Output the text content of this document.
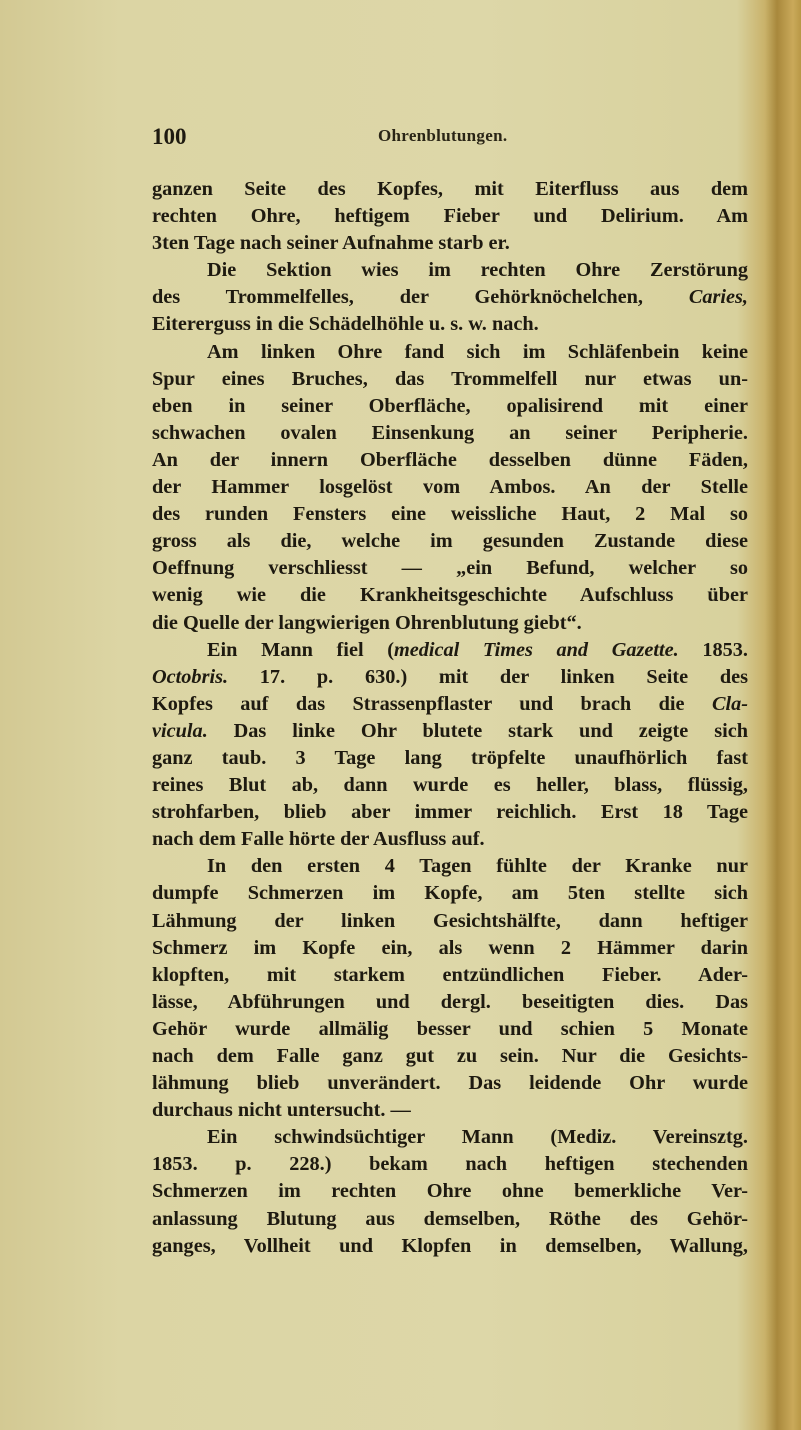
100	Ohrenblutungen.
ganzen Seite des Kopfes, mit Eiterfluss aus dem
rechten Ohre, heftigem Fieber und Delirium. Am
3ten Tage nach seiner Aufnahme starb er.
Die Sektion wies im rechten Ohre Zerstörung
des Trommelfelles, der Gehörknöchelchen, Caries,
Eitererguss in die Schädelhöhle u. s. w. nach.
Am linken Ohre fand sich im Schläfenbein keine
Spur eines Bruches, das Trommelfell nur etwas un-
eben in seiner Oberfläche, opalisirend mit einer
schwachen ovalen Einsenkung an seiner Peripherie.
An der innern Oberfläche desselben dünne Fäden,
der Hammer losgelöst vom Ambos. An der Stelle
des runden Fensters eine weissliche Haut, 2 Mal so
gross als die, welche im gesunden Zustande diese
Oeffnung verschliesst — „ein Befund, welcher so
wenig wie die Krankheitsgeschichte Aufschluss über
die Quelle der langwierigen Ohrenblutung giebt“.
Ein Mann fiel (medical Times and Gazette. 1853.
Octobris. 17. p. 630.) mit der linken Seite des
Kopfes auf das Strassenpflaster und brach die Cla-
vicula. Das linke Ohr blutete stark und zeigte sich
ganz taub. 3 Tage lang tröpfelte unaufhörlich fast
reines Blut ab, dann wurde es heller, blass, flüssig,
strohfarben, blieb aber immer reichlich. Erst 18 Tage
nach dem Falle hörte der Ausfluss auf.
In den ersten 4 Tagen fühlte der Kranke nur
dumpfe Schmerzen im Kopfe, am 5ten stellte sich
Lähmung der linken Gesichtshälfte, dann heftiger
Schmerz im Kopfe ein, als wenn 2 Hämmer darin
klopften, mit starkem entzündlichen Fieber. Ader-
lässe, Abführungen und dergl. beseitigten dies. Das
Gehör wurde allmälig besser und schien 5 Monate
nach dem Falle ganz gut zu sein. Nur die Gesichts-
lähmung blieb unverändert. Das leidende Ohr wurde
durchaus nicht untersucht. —
Ein schwindsüchtiger Mann (Mediz. Vereinsztg.
1853. p. 228.) bekam nach heftigen stechenden
Schmerzen im rechten Ohre ohne bemerkliche Ver-
anlassung Blutung aus demselben, Röthe des Gehör-
ganges, Vollheit und Klopfen in demselben, Wallung,
